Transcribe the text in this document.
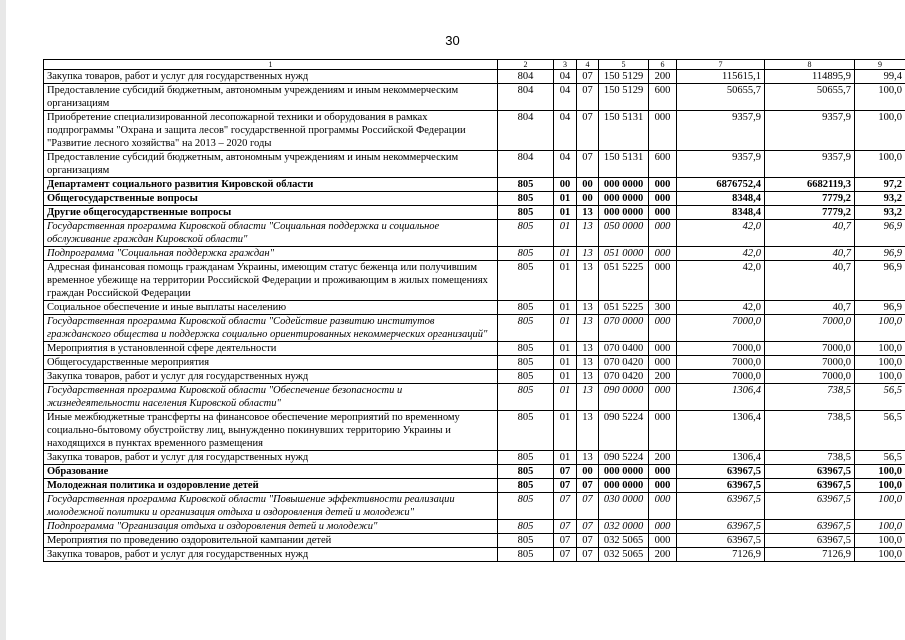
30
1	2	3	4	5	6	7	8	9
Закупка товаров, работ и услуг для государственных нужд	804	04	07	150 5129	200	115615,1	114895,9	99,4
Предоставление субсидий бюджетным, автономным учреждениям и иным некоммерческим организациям	804	04	07	150 5129	600	50655,7	50655,7	100,0
Приобретение специализированной лесопожарной техники и оборудования в рамках подпрограммы "Охрана и защита лесов" государственной программы Российской Федерации "Развитие лесного хозяйства" на 2013 – 2020 годы	804	04	07	150 5131	000	9357,9	9357,9	100,0
Предоставление субсидий бюджетным, автономным учреждениям и иным некоммерческим организациям	804	04	07	150 5131	600	9357,9	9357,9	100,0
Департамент социального развития Кировской области	805	00	00	000 0000	000	6876752,4	6682119,3	97,2
Общегосударственные вопросы	805	01	00	000 0000	000	8348,4	7779,2	93,2
Другие общегосударственные вопросы	805	01	13	000 0000	000	8348,4	7779,2	93,2
Государственная программа Кировской области "Социальная поддержка и социальное обслуживание граждан Кировской области"	805	01	13	050 0000	000	42,0	40,7	96,9
Подпрограмма "Социальная поддержка граждан"	805	01	13	051 0000	000	42,0	40,7	96,9
Адресная финансовая помощь гражданам Украины, имеющим статус беженца или получившим временное убежище на территории Российской Федерации и проживающим в жилых помещениях граждан Российской Федерации	805	01	13	051 5225	000	42,0	40,7	96,9
Социальное обеспечение и иные выплаты населению	805	01	13	051 5225	300	42,0	40,7	96,9
Государственная программа Кировской области "Содействие развитию институтов гражданского общества и поддержка социально ориентированных некоммерческих организаций"	805	01	13	070 0000	000	7000,0	7000,0	100,0
Мероприятия в установленной сфере деятельности	805	01	13	070 0400	000	7000,0	7000,0	100,0
Общегосударственные мероприятия	805	01	13	070 0420	000	7000,0	7000,0	100,0
Закупка товаров, работ и услуг для государственных нужд	805	01	13	070 0420	200	7000,0	7000,0	100,0
Государственная программа Кировской области "Обеспечение безопасности и жизнедеятельности населения Кировской области"	805	01	13	090 0000	000	1306,4	738,5	56,5
Иные межбюджетные трансферты на финансовое обеспечение мероприятий по временному социально-бытовому обустройству лиц, вынужденно покинувших территорию Украины и находящихся в пунктах временного размещения	805	01	13	090 5224	000	1306,4	738,5	56,5
Закупка товаров, работ и услуг для государственных нужд	805	01	13	090 5224	200	1306,4	738,5	56,5
Образование	805	07	00	000 0000	000	63967,5	63967,5	100,0
Молодежная политика и оздоровление детей	805	07	07	000 0000	000	63967,5	63967,5	100,0
Государственная программа Кировской области "Повышение эффективности реализации молодежной политики и организация отдыха и оздоровления детей и молодежи"	805	07	07	030 0000	000	63967,5	63967,5	100,0
Подпрограмма "Организация отдыха и оздоровления детей и молодежи"	805	07	07	032 0000	000	63967,5	63967,5	100,0
Мероприятия по проведению оздоровительной кампании детей	805	07	07	032 5065	000	63967,5	63967,5	100,0
Закупка товаров, работ и услуг для государственных нужд	805	07	07	032 5065	200	7126,9	7126,9	100,0
